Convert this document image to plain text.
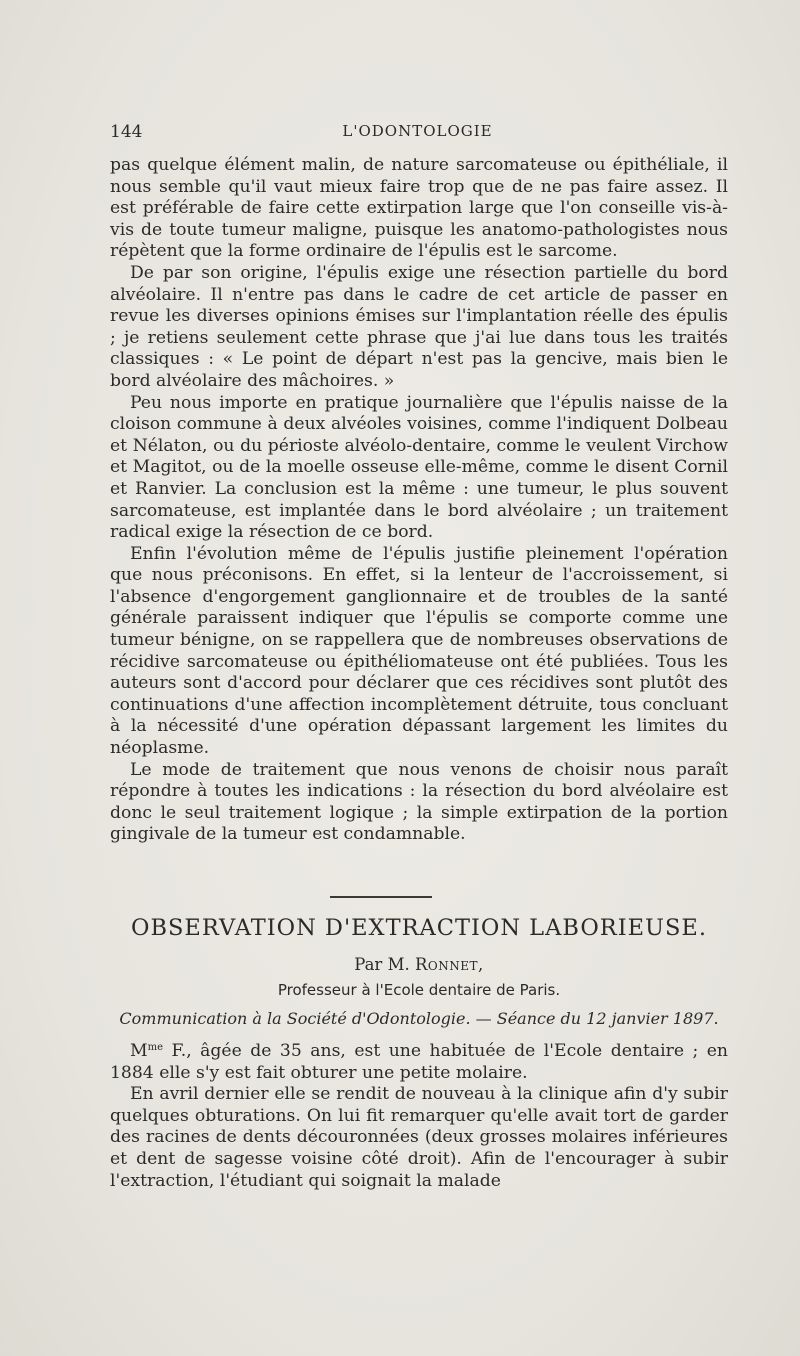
144	L'ODONTOLOGIE

pas quelque élément malin, de nature sarcomateuse ou épithéliale, il nous semble qu'il vaut mieux faire trop que de ne pas faire assez. Il est préférable de faire cette extirpation large que l'on conseille vis-à-vis de toute tumeur maligne, puisque les anatomo-pathologistes nous répètent que la forme ordinaire de l'épulis est le sarcome.

De par son origine, l'épulis exige une résection partielle du bord alvéolaire. Il n'entre pas dans le cadre de cet article de passer en revue les diverses opinions émises sur l'implantation réelle des épulis ; je retiens seulement cette phrase que j'ai lue dans tous les traités classiques : « Le point de départ n'est pas la gencive, mais bien le bord alvéolaire des mâchoires. »

Peu nous importe en pratique journalière que l'épulis naisse de la cloison commune à deux alvéoles voisines, comme l'indiquent Dolbeau et Nélaton, ou du périoste alvéolo-dentaire, comme le veulent Virchow et Magitot, ou de la moelle osseuse elle-même, comme le disent Cornil et Ranvier. La conclusion est la même : une tumeur, le plus souvent sarcomateuse, est implantée dans le bord alvéolaire ; un traitement radical exige la résection de ce bord.

Enfin l'évolution même de l'épulis justifie pleinement l'opération que nous préconisons. En effet, si la lenteur de l'accroissement, si l'absence d'engorgement ganglionnaire et de troubles de la santé générale paraissent indiquer que l'épulis se comporte comme une tumeur bénigne, on se rappellera que de nombreuses observations de récidive sarcomateuse ou épithéliomateuse ont été publiées. Tous les auteurs sont d'accord pour déclarer que ces récidives sont plutôt des continuations d'une affection incomplètement détruite, tous concluant à la nécessité d'une opération dépassant largement les limites du néoplasme.

Le mode de traitement que nous venons de choisir nous paraît répondre à toutes les indications : la résection du bord alvéolaire est donc le seul traitement logique ; la simple extirpation de la portion gingivale de la tumeur est condamnable.

OBSERVATION D'EXTRACTION LABORIEUSE.
Par M. Ronnet,
Professeur à l'Ecole dentaire de Paris.
Communication à la Société d'Odontologie. — Séance du 12 janvier 1897.

$M^{me}$ F., âgée de 35 ans, est une habituée de l'Ecole dentaire ; en 1884 elle s'y est fait obturer une petite molaire.

En avril dernier elle se rendit de nouveau à la clinique afin d'y subir quelques obturations. On lui fit remarquer qu'elle avait tort de garder des racines de dents découronnées (deux grosses molaires inférieures et dent de sagesse voisine côté droit). Afin de l'encourager à subir l'extraction, l'étudiant qui soignait la malade
